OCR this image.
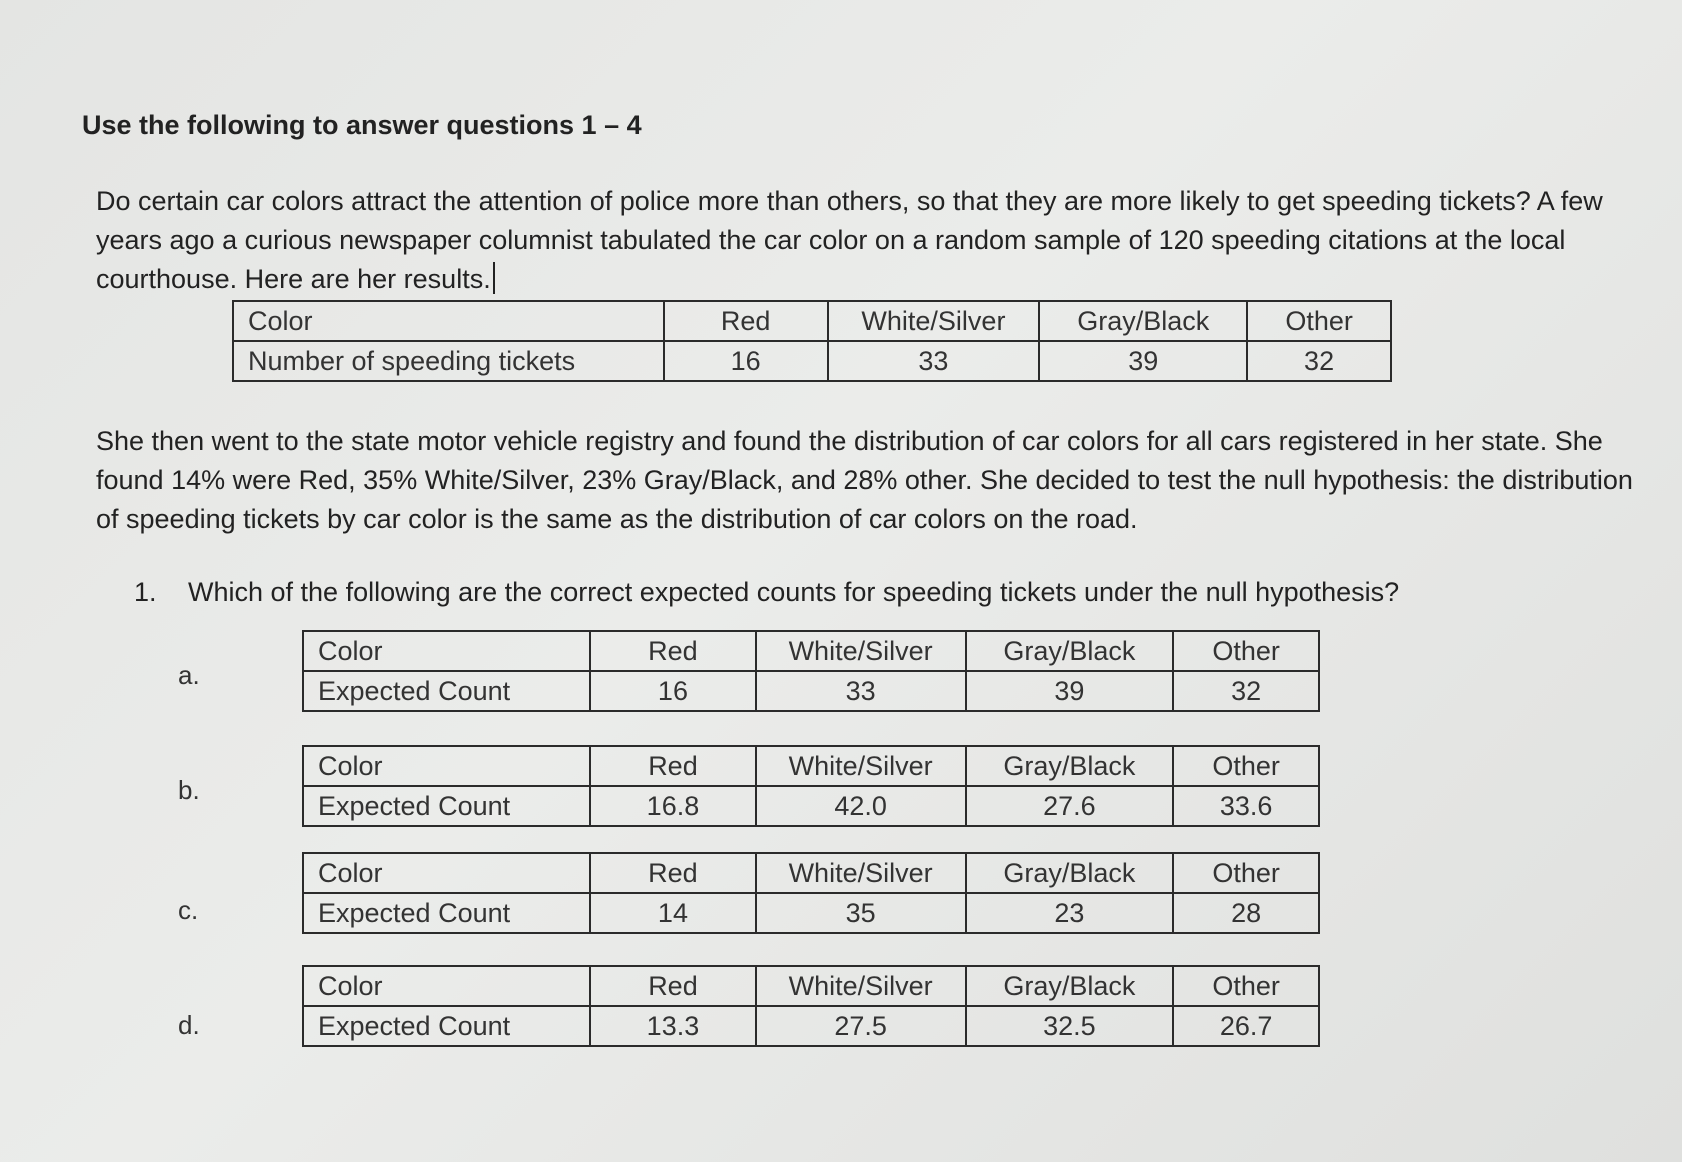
Use the following to answer questions 1 – 4
Do certain car colors attract the attention of police more than others, so that they are more likely to get speeding tickets? A few years ago a curious newspaper columnist tabulated the car color on a random sample of 120 speeding citations at the local courthouse. Here are her results.
Color	Red	White/Silver	Gray/Black	Other
Number of speeding tickets	16	33	39	32
She then went to the state motor vehicle registry and found the distribution of car colors for all cars registered in her state. She found 14% were Red, 35% White/Silver, 23% Gray/Black, and 28% other. She decided to test the null hypothesis: the distribution of speeding tickets by car color is the same as the distribution of car colors on the road.
1. Which of the following are the correct expected counts for speeding tickets under the null hypothesis?
a.
Color	Red	White/Silver	Gray/Black	Other
Expected Count	16	33	39	32
b.
Color	Red	White/Silver	Gray/Black	Other
Expected Count	16.8	42.0	27.6	33.6
c.
Color	Red	White/Silver	Gray/Black	Other
Expected Count	14	35	23	28
d.
Color	Red	White/Silver	Gray/Black	Other
Expected Count	13.3	27.5	32.5	26.7
